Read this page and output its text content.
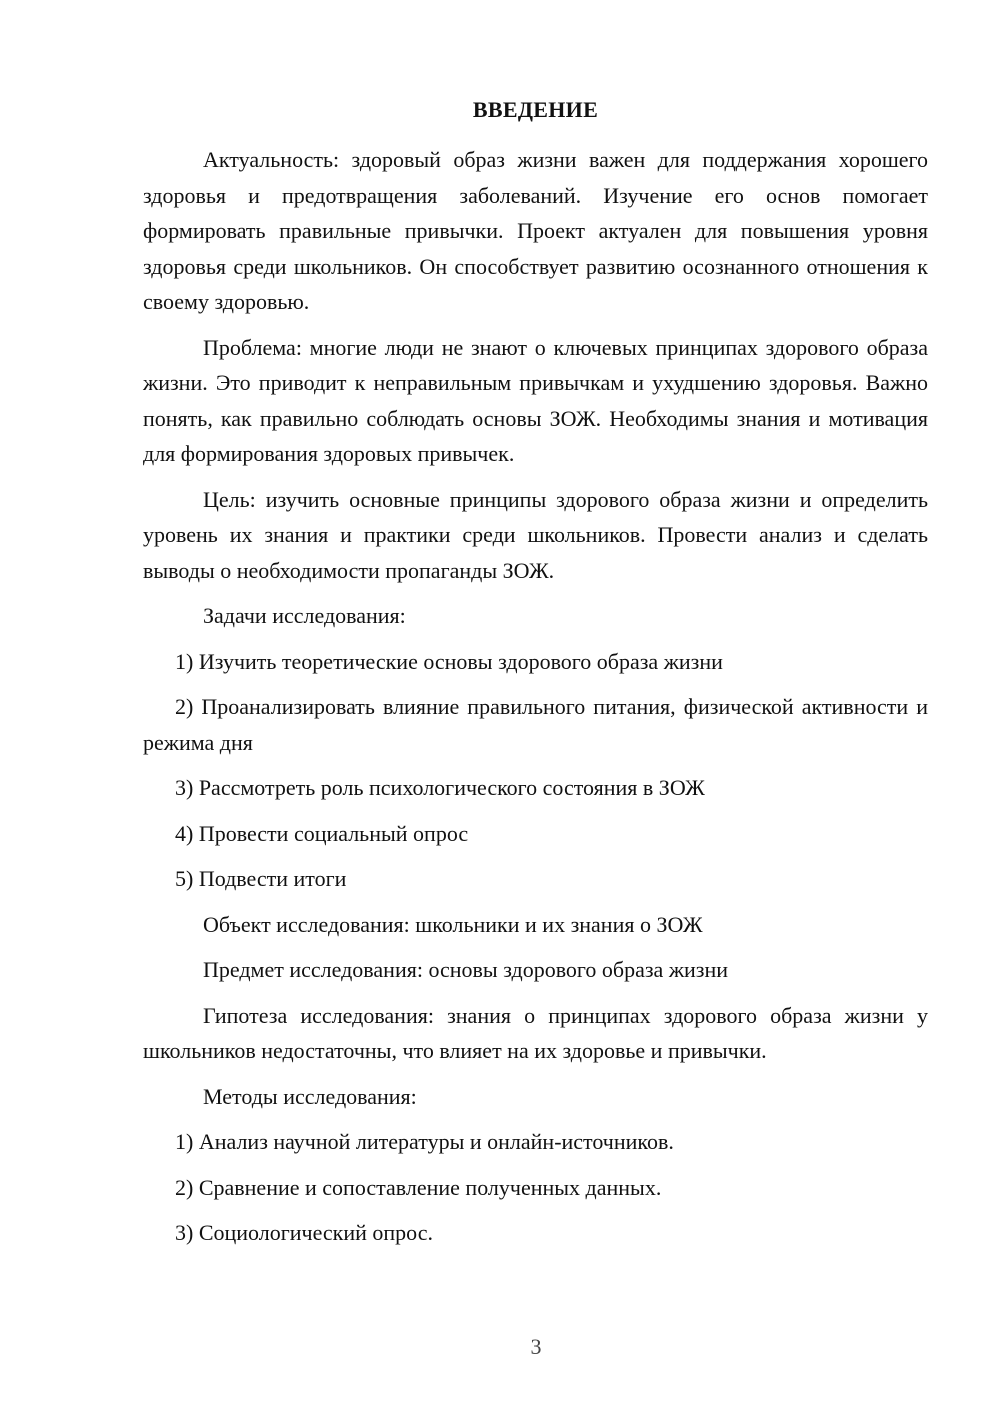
ВВЕДЕНИЕ

Актуальность: здоровый образ жизни важен для поддержания хорошего здоровья и предотвращения заболеваний. Изучение его основ помогает формировать правильные привычки. Проект актуален для повышения уровня здоровья среди школьников. Он способствует развитию осознанного отношения к своему здоровью.

Проблема: многие люди не знают о ключевых принципах здорового образа жизни. Это приводит к неправильным привычкам и ухудшению здоровья. Важно понять, как правильно соблюдать основы ЗОЖ. Необходимы знания и мотивация для формирования здоровых привычек.

Цель: изучить основные принципы здорового образа жизни и определить уровень их знания и практики среди школьников. Провести анализ и сделать выводы о необходимости пропаганды ЗОЖ.

Задачи исследования:

1) Изучить теоретические основы здорового образа жизни

2) Проанализировать влияние правильного питания, физической активности и режима дня

3) Рассмотреть роль психологического состояния в ЗОЖ

4) Провести социальный опрос

5) Подвести итоги

Объект исследования: школьники и их знания о ЗОЖ

Предмет исследования: основы здорового образа жизни

Гипотеза исследования: знания о принципах здорового образа жизни у школьников недостаточны, что влияет на их здоровье и привычки.

Методы исследования:

1) Анализ научной литературы и онлайн-источников.

2) Сравнение и сопоставление полученных данных.

3) Социологический опрос.

3
